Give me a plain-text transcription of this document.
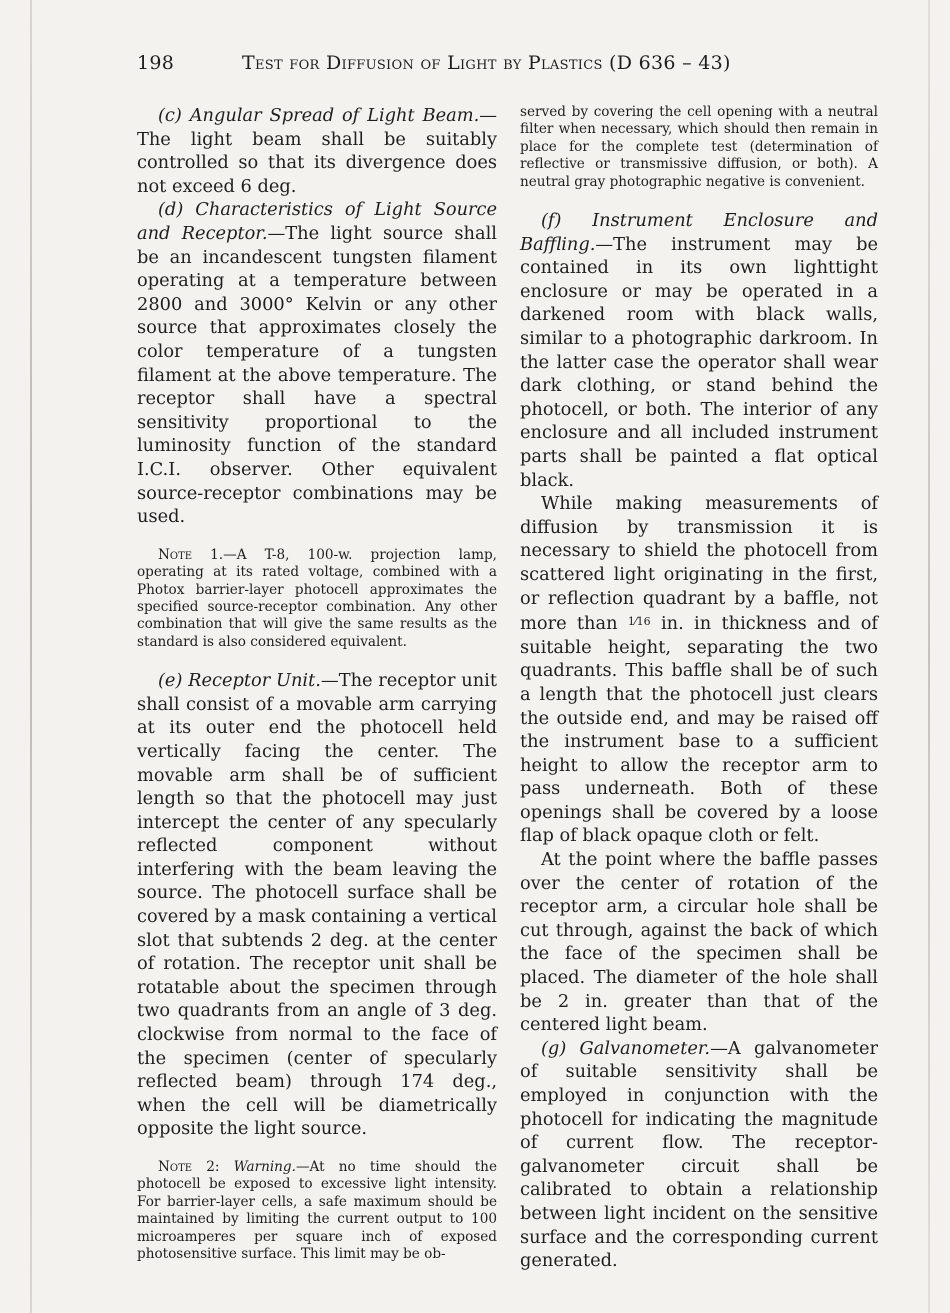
198	Test for Diffusion of Light by Plastics (D 636 – 43)

(c) Angular Spread of Light Beam.—The light beam shall be suitably controlled so that its divergence does not exceed 6 deg.

(d) Characteristics of Light Source and Receptor.—The light source shall be an incandescent tungsten filament operating at a temperature between 2800 and 3000° Kelvin or any other source that approximates closely the color temperature of a tungsten filament at the above temperature. The receptor shall have a spectral sensitivity proportional to the luminosity function of the standard I.C.I. observer. Other equivalent source-receptor combinations may be used.

Note 1.—A T-8, 100-w. projection lamp, operating at its rated voltage, combined with a Photox barrier-layer photocell approximates the specified source-receptor combination. Any other combination that will give the same results as the standard is also considered equivalent.

(e) Receptor Unit.—The receptor unit shall consist of a movable arm carrying at its outer end the photocell held vertically facing the center. The movable arm shall be of sufficient length so that the photocell may just intercept the center of any specularly reflected component without interfering with the beam leaving the source. The photocell surface shall be covered by a mask containing a vertical slot that subtends 2 deg. at the center of rotation. The receptor unit shall be rotatable about the specimen through two quadrants from an angle of 3 deg. clockwise from normal to the face of the specimen (center of specularly reflected beam) through 174 deg., when the cell will be diametrically opposite the light source.

Note 2: Warning.—At no time should the photocell be exposed to excessive light intensity. For barrier-layer cells, a safe maximum should be maintained by limiting the current output to 100 microamperes per square inch of exposed photosensitive surface. This limit may be ob-

served by covering the cell opening with a neutral filter when necessary, which should then remain in place for the complete test (determination of reflective or transmissive diffusion, or both). A neutral gray photographic negative is convenient.

(f) Instrument Enclosure and Baffling.—The instrument may be contained in its own lighttight enclosure or may be operated in a darkened room with black walls, similar to a photographic darkroom. In the latter case the operator shall wear dark clothing, or stand behind the photocell, or both. The interior of any enclosure and all included instrument parts shall be painted a flat optical black.

While making measurements of diffusion by transmission it is necessary to shield the photocell from scattered light originating in the first, or reflection quadrant by a baffle, not more than $^{1⁄16}$ in. in thickness and of suitable height, separating the two quadrants. This baffle shall be of such a length that the photocell just clears the outside end, and may be raised off the instrument base to a sufficient height to allow the receptor arm to pass underneath. Both of these openings shall be covered by a loose flap of black opaque cloth or felt.

At the point where the baffle passes over the center of rotation of the receptor arm, a circular hole shall be cut through, against the back of which the face of the specimen shall be placed. The diameter of the hole shall be 2 in. greater than that of the centered light beam.

(g) Galvanometer.—A galvanometer of suitable sensitivity shall be employed in conjunction with the photocell for indicating the magnitude of current flow. The receptor-galvanometer circuit shall be calibrated to obtain a relationship between light incident on the sensitive surface and the corresponding current generated.
